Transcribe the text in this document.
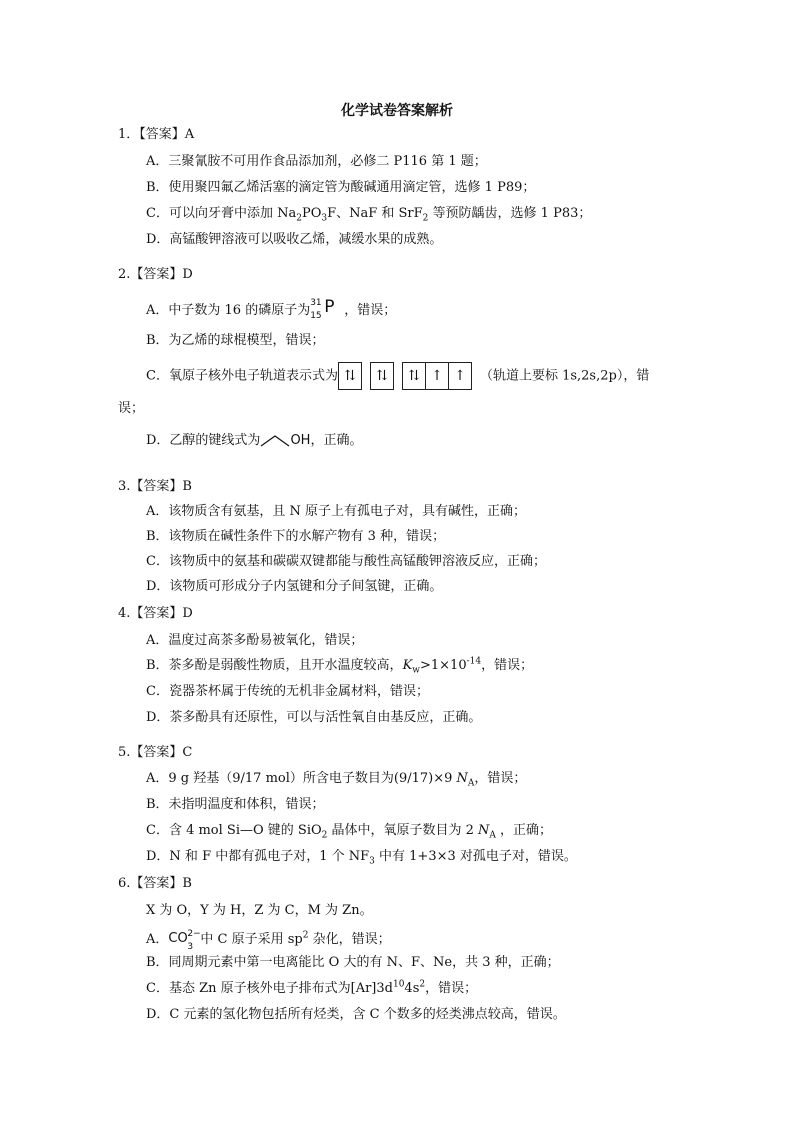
化学试卷答案解析
1．【答案】A
A．三聚氰胺不可用作食品添加剂，必修二 P116 第 1 题；
B．使用聚四氟乙烯活塞的滴定管为酸碱通用滴定管，选修 1 P89；
C．可以向牙膏中添加 $Na_2PO_3F$、NaF 和 SrF$_2$ 等预防龋齿，选修 1 P83；
D．高锰酸钾溶液可以吸收乙烯，减缓水果的成熟。
2.【答案】D
A．中子数为 16 的磷原子为 31
15 P ，错误；
B．为乙烯的球棍模型，错误；
C．氧原子核外电子轨道表示式为 ⇅	⇅	⇅ ↑ ↑	（轨道上要标 1s,2s,2p），错
误；
D．乙醇的键线式为 OH，正确。
3.【答案】B
A．该物质含有氨基，且 N 原子上有孤电子对，具有碱性，正确；
B．该物质在碱性条件下的水解产物有 3 种，错误；
C．该物质中的氨基和碳碳双键都能与酸性高锰酸钾溶液反应，正确；
D．该物质可形成分子内氢键和分子间氢键，正确。
4.【答案】D
A．温度过高茶多酚易被氧化，错误；
B．茶多酚是弱酸性物质，且开水温度较高，$K_w>1\times 10^{-14}$，错误；
C．瓷器茶杯属于传统的无机非金属材料，错误；
D．茶多酚具有还原性，可以与活性氧自由基反应，正确。
5.【答案】C
A．9 g 羟基（9/17 mol）所含电子数目为(9/17)×9 $N_A$，错误；
B．未指明温度和体积，错误；
C．含 4 mol Si—O 键的 SiO$_2$ 晶体中，氧原子数目为 2 $N_A$ ，正确；
D．N 和 F 中都有孤电子对，1 个 $NF_3$ 中有 1+3×3 对孤电子对，错误。
6.【答案】B
X 为 O，Y 为 H，Z 为 C，M 为 Zn。
A． CO 2−
3 中 C 原子采用 $sp^2$ 杂化，错误；
B．同周期元素中第一电离能比 O 大的有 N、F、Ne，共 3 种，正确；
C．基态 Zn 原子核外电子排布式为$[Ar]3d^{10}4s^2$，错误；
D．C 元素的氢化物包括所有烃类，含 C 个数多的烃类沸点较高，错误。
